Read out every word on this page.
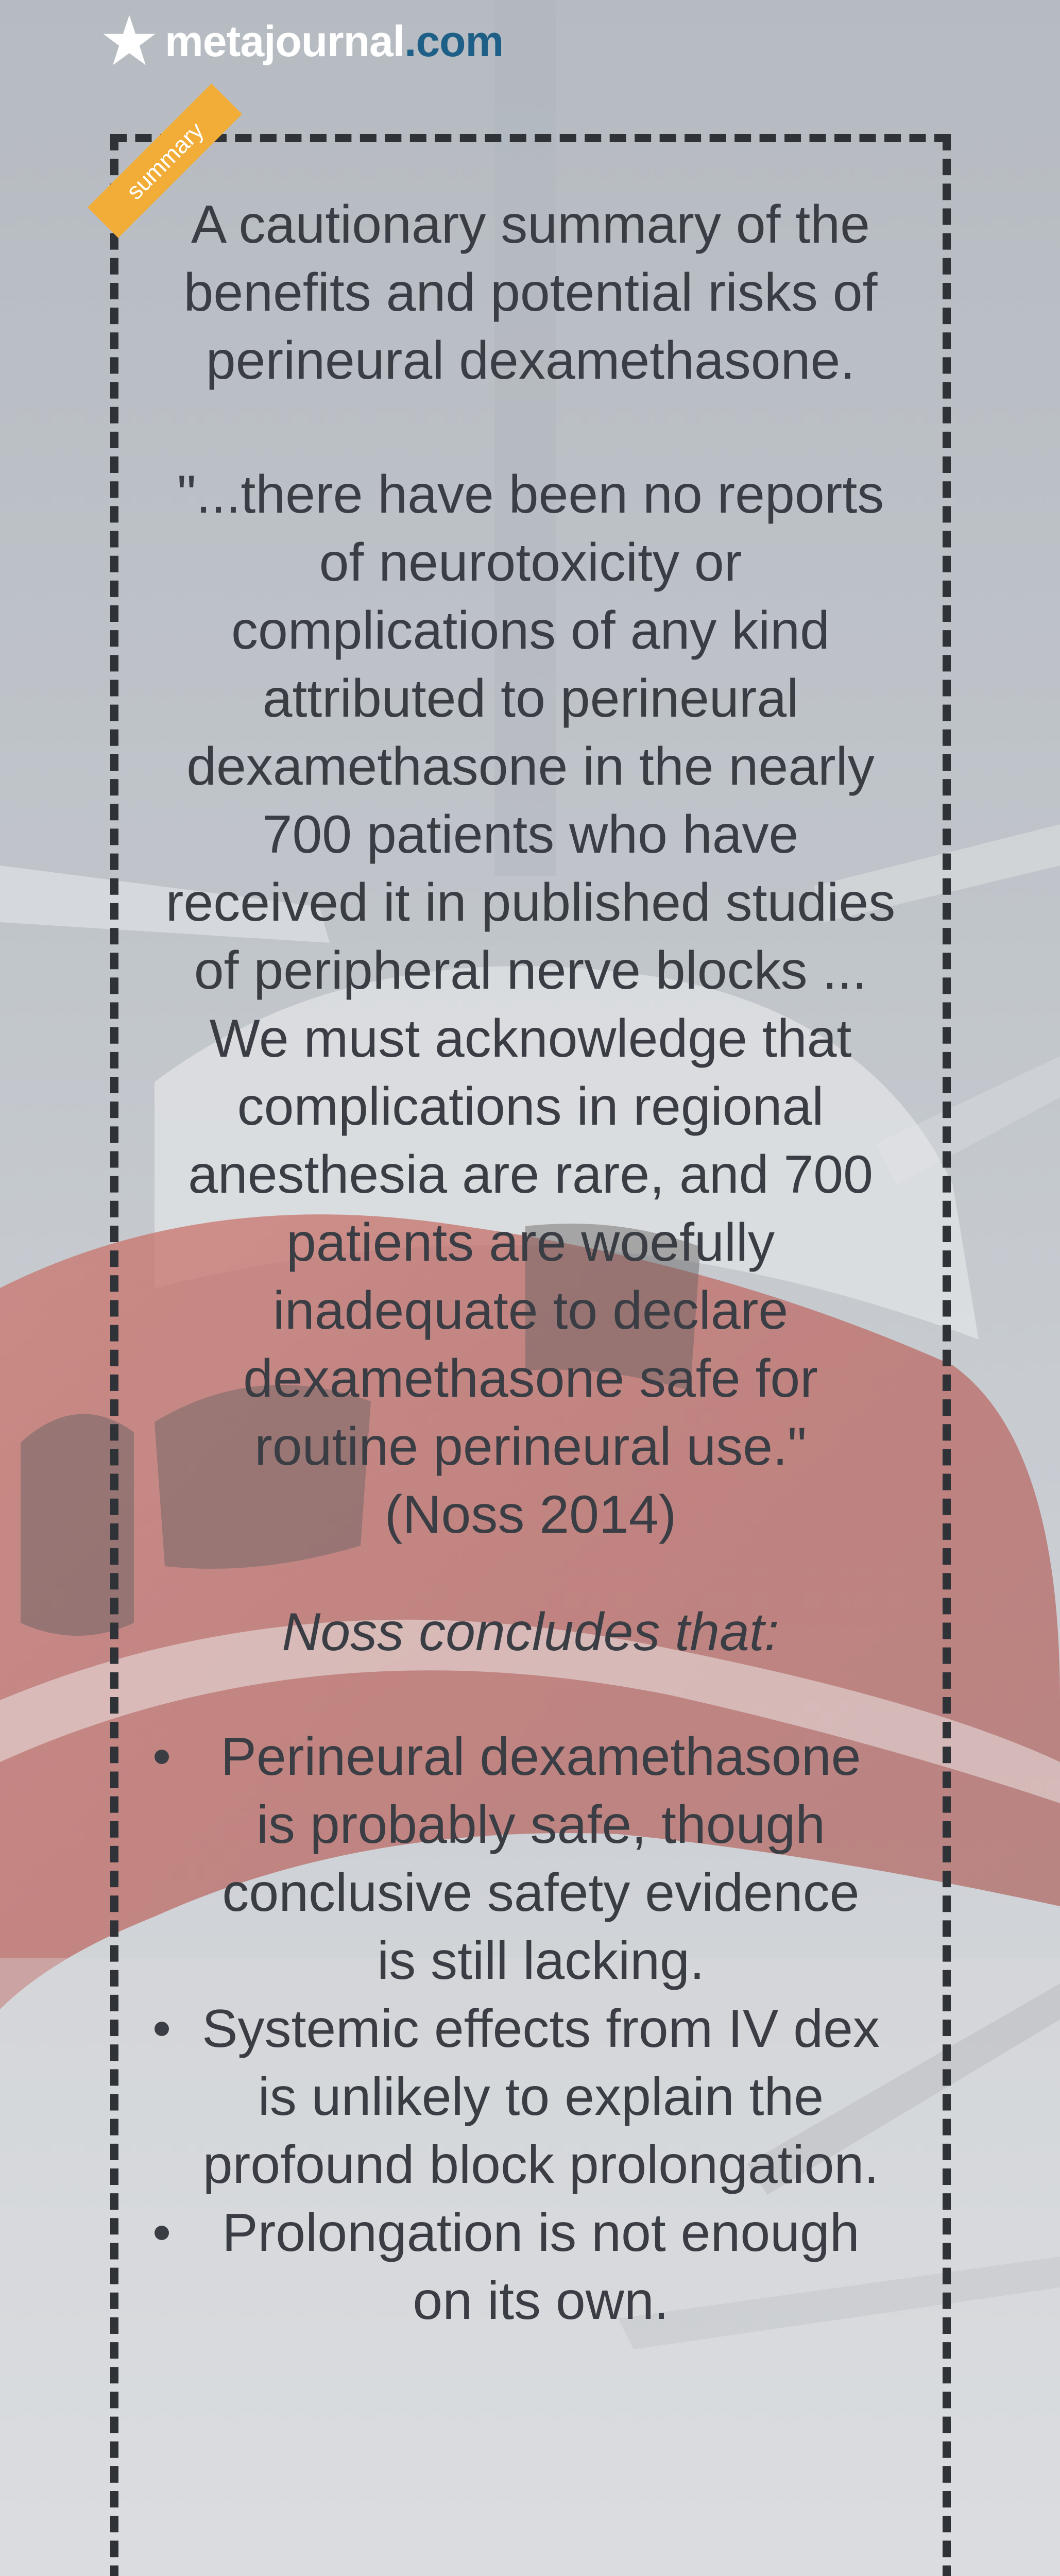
metajournal.com
summary
A cautionary summary of the benefits and potential risks of perineural dexamethasone.

"...there have been no reports of neurotoxicity or complications of any kind attributed to perineural dexamethasone in the nearly 700 patients who have received it in published studies of peripheral nerve blocks ... We must acknowledge that complications in regional anesthesia are rare, and 700 patients are woefully inadequate to declare dexamethasone safe for routine perineural use."
(Noss 2014)

Noss concludes that:

Perineural dexamethasone is probably safe, though conclusive safety evidence is still lacking.
Systemic effects from IV dex is unlikely to explain the profound block prolongation.
Prolongation is not enough on its own.
